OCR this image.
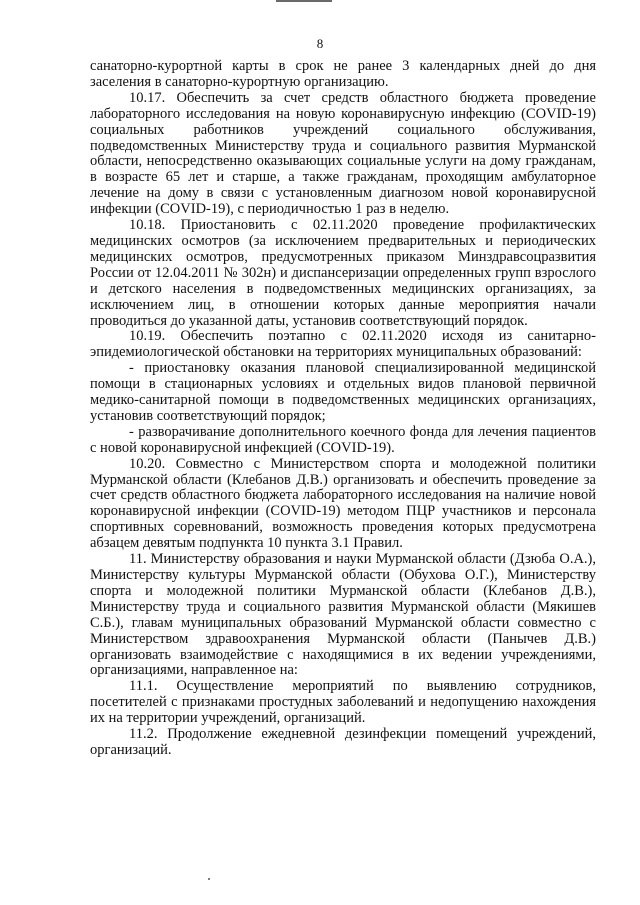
8

санаторно-курортной карты в срок не ранее 3 календарных дней до дня заселения в санаторно-курортную организацию.

10.17. Обеспечить за счет средств областного бюджета проведение лабораторного исследования на новую коронавирусную инфекцию (COVID-19) социальных работников учреждений социального обслуживания, подведомственных Министерству труда и социального развития Мурманской области, непосредственно оказывающих социальные услуги на дому гражданам, в возрасте 65 лет и старше, а также гражданам, проходящим амбулаторное лечение на дому в связи с установленным диагнозом новой коронавирусной инфекции (COVID-19), с периодичностью 1 раз в неделю.

10.18. Приостановить с 02.11.2020 проведение профилактических медицинских осмотров (за исключением предварительных и периодических медицинских осмотров, предусмотренных приказом Минздравсоцразвития России от 12.04.2011 № 302н) и диспансеризации определенных групп взрослого и детского населения в подведомственных медицинских организациях, за исключением лиц, в отношении которых данные мероприятия начали проводиться до указанной даты, установив соответствующий порядок.

10.19. Обеспечить поэтапно с 02.11.2020 исходя из санитарно-эпидемиологической обстановки на территориях муниципальных образований:

- приостановку оказания плановой специализированной медицинской помощи в стационарных условиях и отдельных видов плановой первичной медико-санитарной помощи в подведомственных медицинских организациях, установив соответствующий порядок;

- разворачивание дополнительного коечного фонда для лечения пациентов с новой коронавирусной инфекцией (COVID-19).

10.20. Совместно с Министерством спорта и молодежной политики Мурманской области (Клебанов Д.В.) организовать и обеспечить проведение за счет средств областного бюджета лабораторного исследования на наличие новой коронавирусной инфекции (COVID-19) методом ПЦР участников и персонала спортивных соревнований, возможность проведения которых предусмотрена абзацем девятым подпункта 10 пункта 3.1 Правил.

11. Министерству образования и науки Мурманской области (Дзюба О.А.), Министерству культуры Мурманской области (Обухова О.Г.), Министерству спорта и молодежной политики Мурманской области (Клебанов Д.В.), Министерству труда и социального развития Мурманской области (Мякишев С.Б.), главам муниципальных образований Мурманской области совместно с Министерством здравоохранения Мурманской области (Панычев Д.В.) организовать взаимодействие с находящимися в их ведении учреждениями, организациями, направленное на:

11.1. Осуществление мероприятий по выявлению сотрудников, посетителей с признаками простудных заболеваний и недопущению нахождения их на территории учреждений, организаций.

11.2. Продолжение ежедневной дезинфекции помещений учреждений, организаций.
